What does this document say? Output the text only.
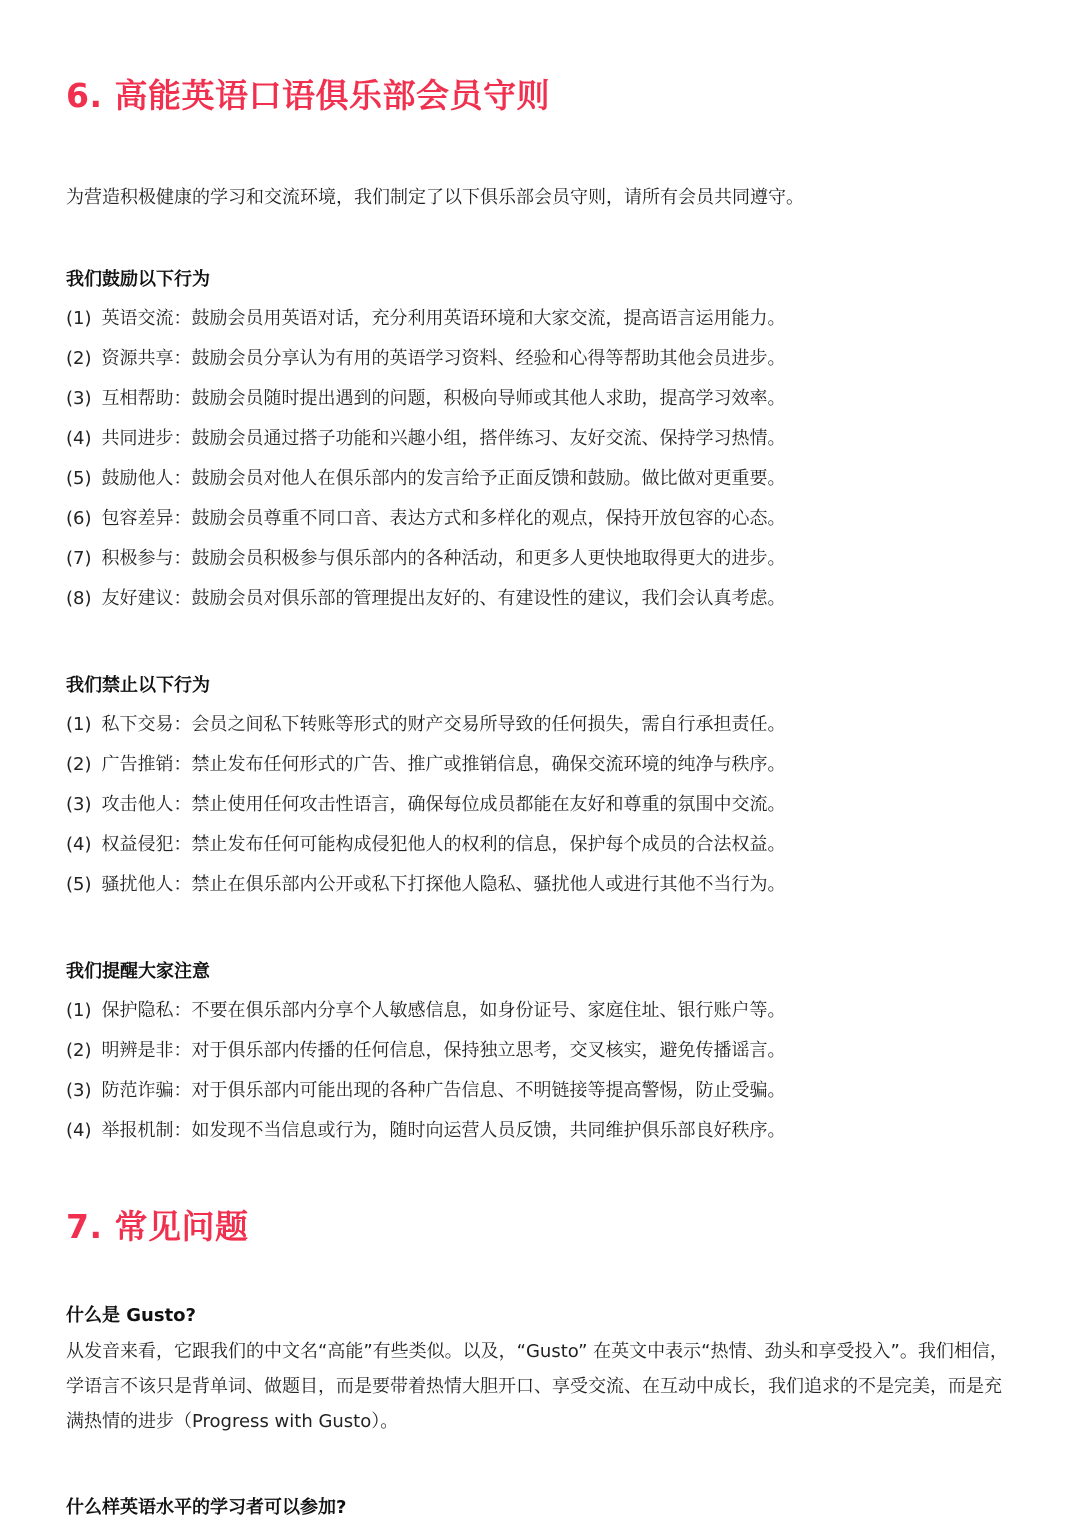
6. 高能英语口语俱乐部会员守则

为营造积极健康的学习和交流环境，我们制定了以下俱乐部会员守则，请所有会员共同遵守。

我们鼓励以下行为
(1) 英语交流：鼓励会员用英语对话，充分利用英语环境和大家交流，提高语言运用能力。
(2) 资源共享：鼓励会员分享认为有用的英语学习资料、经验和心得等帮助其他会员进步。
(3) 互相帮助：鼓励会员随时提出遇到的问题，积极向导师或其他人求助，提高学习效率。
(4) 共同进步：鼓励会员通过搭子功能和兴趣小组，搭伴练习、友好交流、保持学习热情。
(5) 鼓励他人：鼓励会员对他人在俱乐部内的发言给予正面反馈和鼓励。做比做对更重要。
(6) 包容差异：鼓励会员尊重不同口音、表达方式和多样化的观点，保持开放包容的心态。
(7) 积极参与：鼓励会员积极参与俱乐部内的各种活动，和更多人更快地取得更大的进步。
(8) 友好建议：鼓励会员对俱乐部的管理提出友好的、有建设性的建议，我们会认真考虑。
我们禁止以下行为
(1) 私下交易：会员之间私下转账等形式的财产交易所导致的任何损失，需自行承担责任。
(2) 广告推销：禁止发布任何形式的广告、推广或推销信息，确保交流环境的纯净与秩序。
(3) 攻击他人：禁止使用任何攻击性语言，确保每位成员都能在友好和尊重的氛围中交流。
(4) 权益侵犯：禁止发布任何可能构成侵犯他人的权利的信息，保护每个成员的合法权益。
(5) 骚扰他人：禁止在俱乐部内公开或私下打探他人隐私、骚扰他人或进行其他不当行为。
我们提醒大家注意
(1) 保护隐私：不要在俱乐部内分享个人敏感信息，如身份证号、家庭住址、银行账户等。
(2) 明辨是非：对于俱乐部内传播的任何信息，保持独立思考，交叉核实，避免传播谣言。
(3) 防范诈骗：对于俱乐部内可能出现的各种广告信息、不明链接等提高警惕，防止受骗。
(4) 举报机制：如发现不当信息或行为，随时向运营人员反馈，共同维护俱乐部良好秩序。
7. 常见问题
什么是 Gusto?

从发音来看，它跟我们的中文名“高能”有些类似。以及，“Gusto” 在英文中表示“热情、劲头和享受投入”。我们相信，学语言不该只是背单词、做题目，而是要带着热情大胆开口、享受交流、在互动中成长，我们追求的不是完美，而是充满热情的进步（Progress with Gusto）。

什么样英语水平的学习者可以参加?
